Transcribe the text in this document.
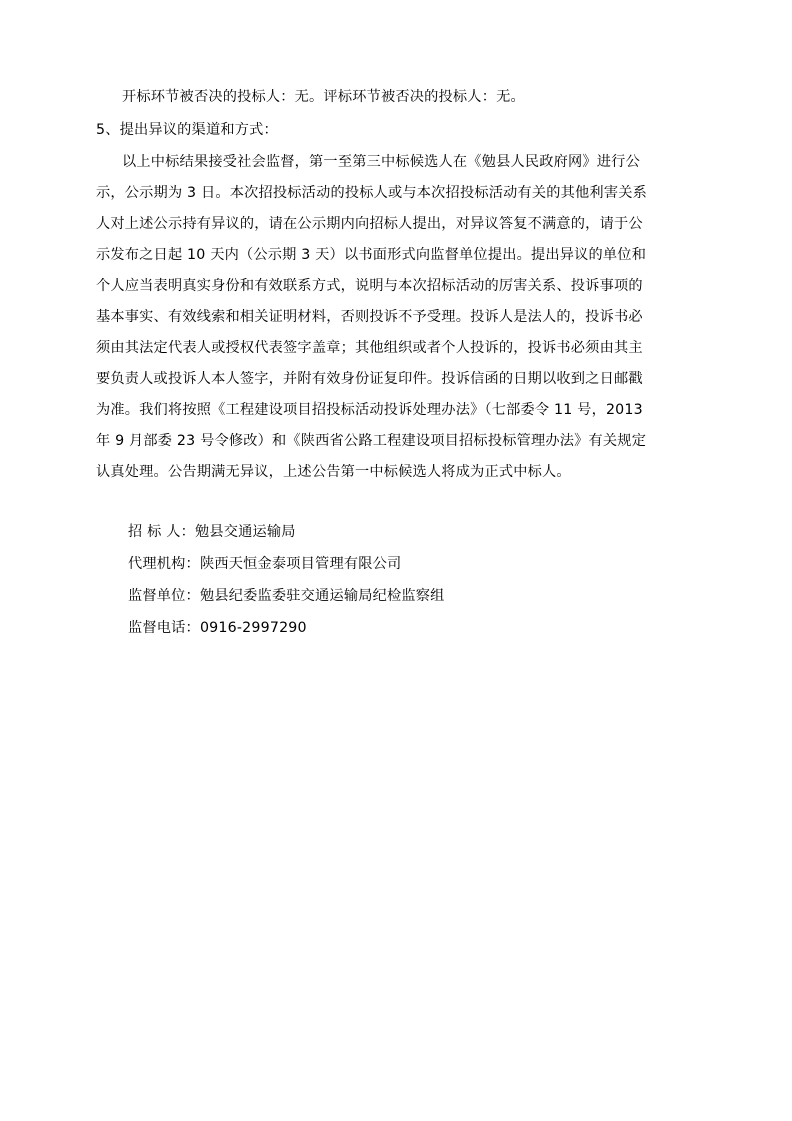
开标环节被否决的投标人：无。评标环节被否决的投标人：无。
5、提出异议的渠道和方式：
以上中标结果接受社会监督，第一至第三中标候选人在《勉县人民政府网》进行公
示，公示期为 3 日。本次招投标活动的投标人或与本次招投标活动有关的其他利害关系
人对上述公示持有异议的，请在公示期内向招标人提出，对异议答复不满意的，请于公
示发布之日起 10 天内（公示期 3 天）以书面形式向监督单位提出。提出异议的单位和
个人应当表明真实身份和有效联系方式，说明与本次招标活动的厉害关系、投诉事项的
基本事实、有效线索和相关证明材料，否则投诉不予受理。投诉人是法人的，投诉书必
须由其法定代表人或授权代表签字盖章；其他组织或者个人投诉的，投诉书必须由其主
要负责人或投诉人本人签字，并附有效身份证复印件。投诉信函的日期以收到之日邮戳
为准。我们将按照《工程建设项目招投标活动投诉处理办法》（七部委令 11 号，2013
年 9 月部委 23 号令修改）和《陕西省公路工程建设项目招标投标管理办法》有关规定
认真处理。公告期满无异议，上述公告第一中标候选人将成为正式中标人。
招 标 人：勉县交通运输局
代理机构：陕西天恒金泰项目管理有限公司
监督单位：勉县纪委监委驻交通运输局纪检监察组
监督电话：0916-2997290
